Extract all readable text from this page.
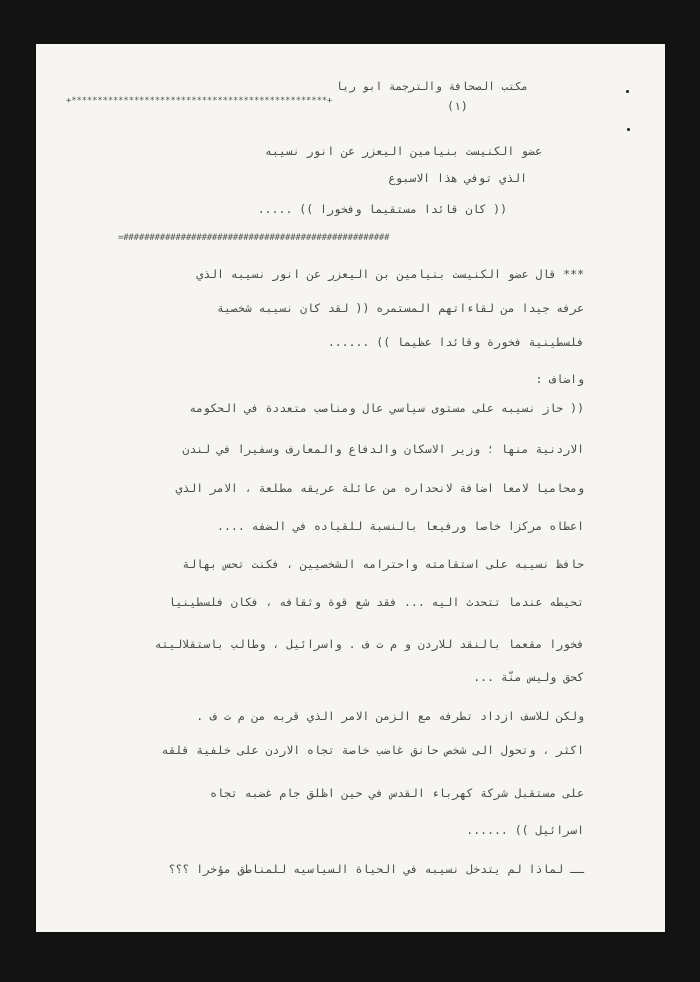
مكتب الصحافة والترجمة ابو ريا
+*************************************************+	(١)
عضو الكنيست بنيامين اليعزر عن انور نسيبه
الذي توفي هذا الاسبوع
(( كان قائدا مستقيما وفخورا )) .....
=###################################################
*** قال عضو الكنيست بنيامين بن اليعزر عن انور نسيبه الذي
عرفه جيدا من لقاءاتهم المستمره (( لقد كان نسيبه شخصية
فلسطينية فخورة وقائدا عظيما )) ......
واضاف :
(( حاز نسيبه على مستوى سياسي عال ومناصب متعددة في الحكومه
الاردنية منها ؛ وزير الاسكان والدفاع والمعارف وسفيرا في لندن
ومحاميا لامعا اضافة لانحداره من عائلة عريقه مطلعة ، الامر الذي
اعطاه مركزا خاصا ورفيعا بالنسبة للقياده في الضفه ....
حافظ نسيبه على استقامته واحترامه الشخصيين ، فكنت تحس بهالة
تحيطه عندما تتحدث اليه ... فقد شع قوة وثقافه ، فكان فلسطينيا
فخورا مقعما بالنقد للاردن و م ت ف . واسرائيل ، وطالب باستقلاليته
كحق وليس منّة ...
ولكن للاسف ازداد تطرفه مع الزمن الامر الذي قربه من م ت ف .
اكثر ، وتحول الى شخص حانق غاضب خاصة تجاه الاردن على خلفية قلقه
على مستقبل شركة كهرباء القدس في حين اظلق جام غضبه تجاه
اسرائيل )) ......
ــ لماذا لم يتدخل نسيبه في الحياة السياسيه للمناطق مؤخرا ؟؟؟
